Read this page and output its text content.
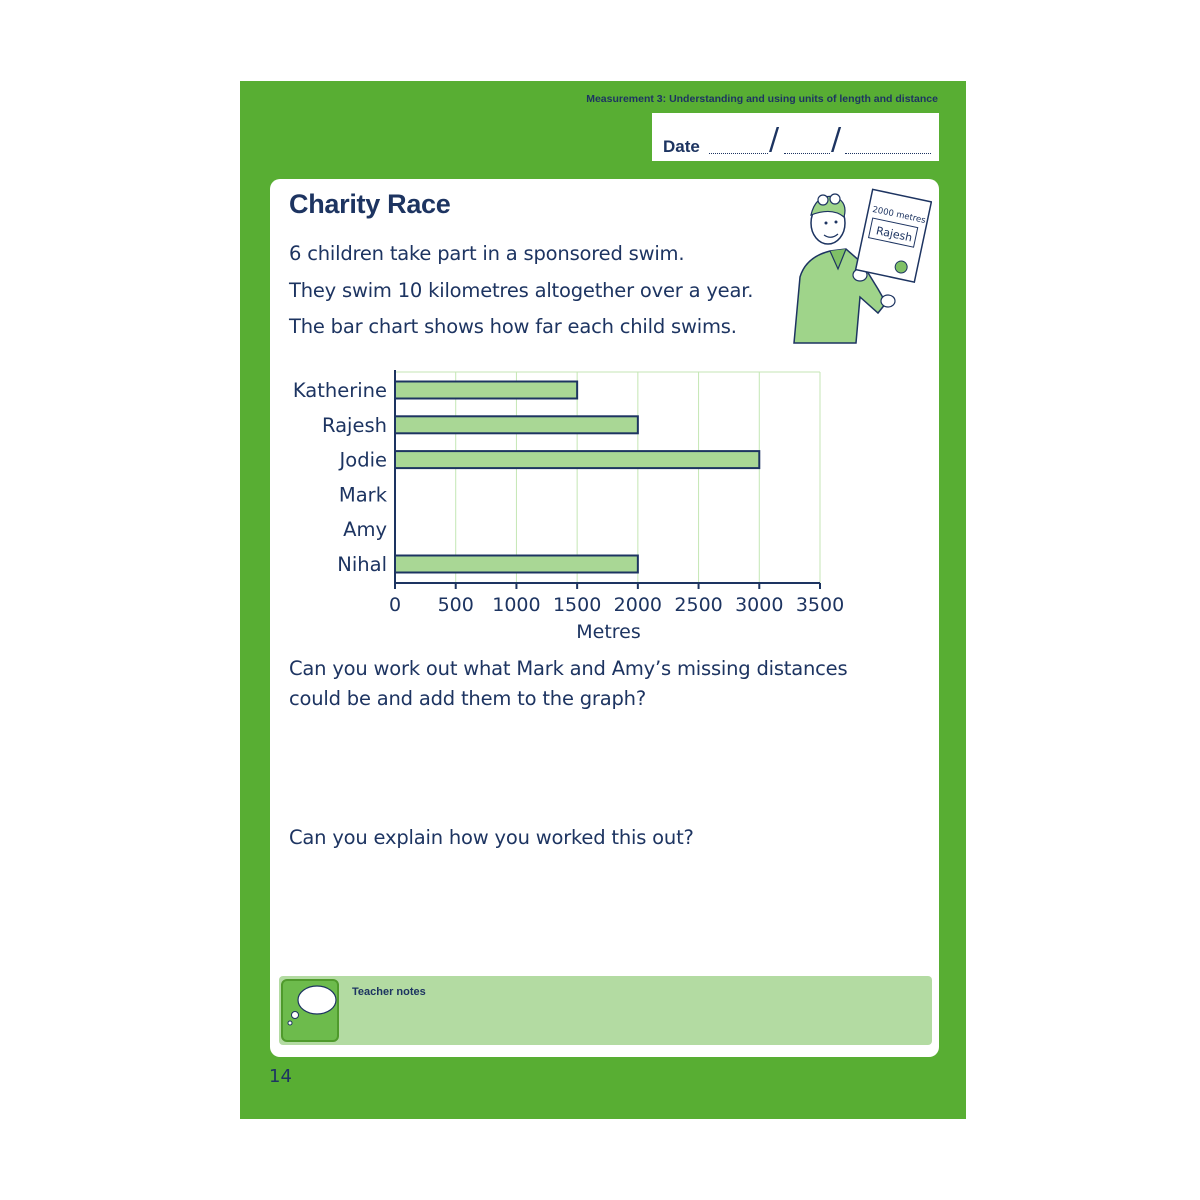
Measurement 3: Understanding and using units of length and distance
Date / /
Charity Race
6 children take part in a sponsored swim.
They swim 10 kilometres altogether over a year.
The bar chart shows how far each child swims.
2000 metres
Rajesh
Katherine
Rajesh
Jodie
Mark
Amy
Nihal
0 500 1000 1500 2000 2500 3000 3500
Metres
Can you work out what Mark and Amy’s missing distances
could be and add them to the graph?
Can you explain how you worked this out?
Teacher notes
14
